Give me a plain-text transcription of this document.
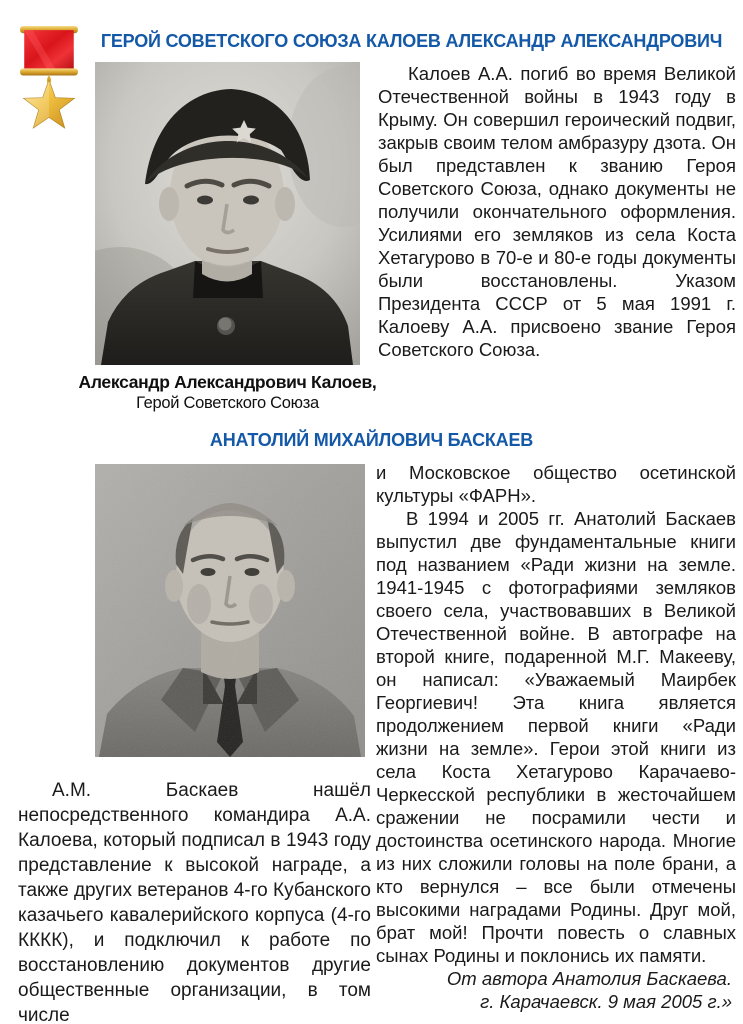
ГЕРОЙ СОВЕТСКОГО СОЮЗА КАЛОЕВ АЛЕКСАНДР АЛЕКСАНДРОВИЧ

Калоев А.А. погиб во время Великой Отечественной войны в 1943 году в Крыму. Он совершил героический подвиг, закрыв своим телом амбразуру дзота. Он был представлен к званию Героя Советского Союза, однако документы не получили окончательного оформления. Усилиями его земляков из села Коста Хетагурово в 70-е и 80-е годы документы были восстановлены. Указом Президента СССР от 5 мая 1991 г. Калоеву А.А. присвоено звание Героя Советского Союза.

Александр Александрович Калоев,
Герой Советского Союза
АНАТОЛИЙ МИХАЙЛОВИЧ БАСКАЕВ

и Московское общество осетинской культуры «ФАРН».

В 1994 и 2005 гг. Анатолий Баскаев выпустил две фундаментальные книги под названием «Ради жизни на земле. 1941-1945 с фотографиями земляков своего села, участвовавших в Великой Отечественной войне. В автографе на второй книге, подаренной М.Г. Макееву, он написал: «Уважаемый Маирбек Георгиевич! Эта книга является продолжением первой книги «Ради жизни на земле». Герои этой книги из села Коста Хетагурово Карачаево-Черкесской республики в жесточайшем сражении не посрамили чести и достоинства осетинского народа. Многие из них сложили головы на поле брани, а кто вернулся – все были отмечены высокими наградами Родины. Друг мой, брат мой! Прочти повесть о славных сынах Родины и поклонись их памяти.

От автора Анатолия Баскаева.
г. Карачаевск. 9 мая 2005 г.»

А.М. Баскаев нашёл непосредственного командира А.А. Калоева, который подписал в 1943 году представление к высокой награде, а также других ветеранов 4-го Кубанского казачьего кавалерийского корпуса (4-го КККК), и подключил к работе по восстановлению документов другие общественные организации, в том числе
